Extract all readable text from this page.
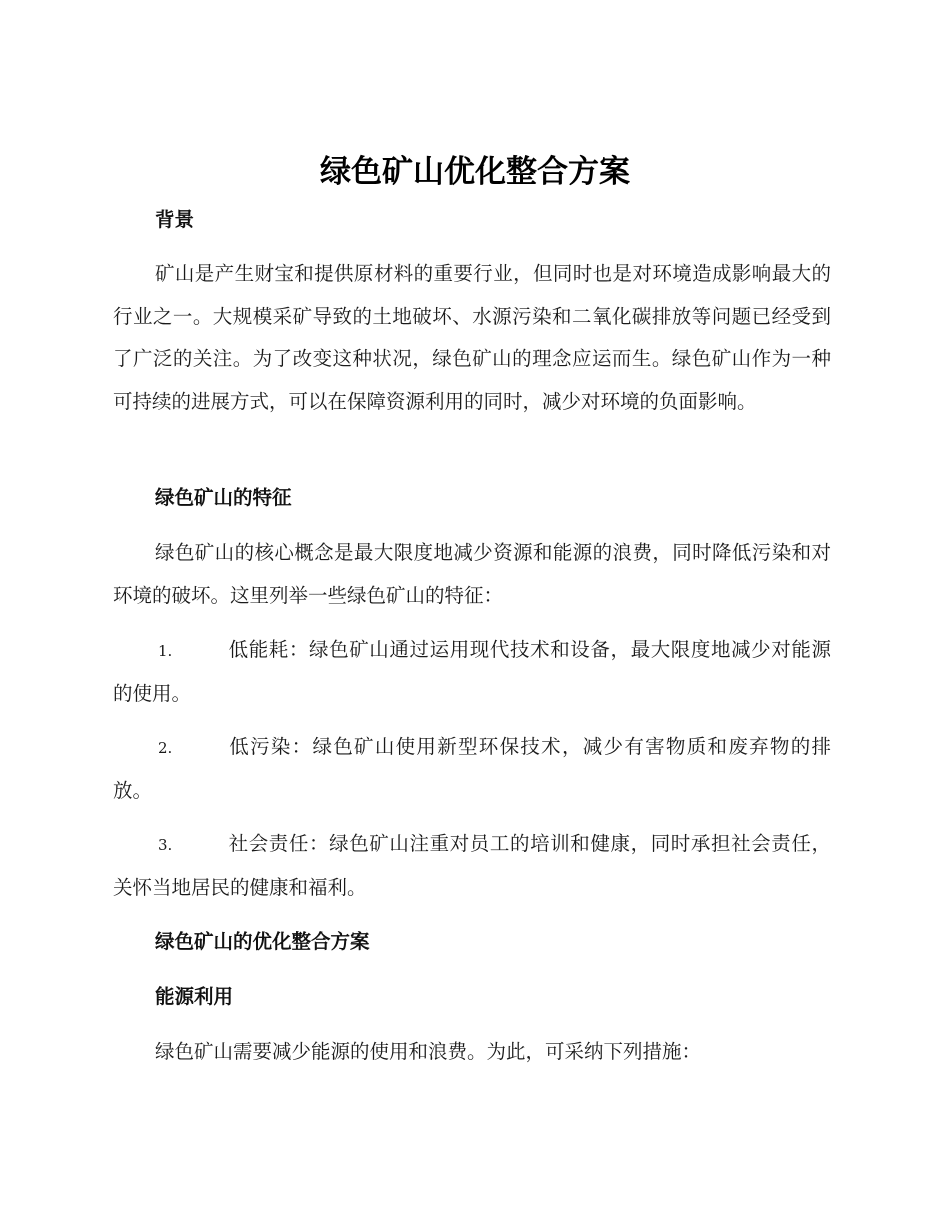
绿色矿山优化整合方案
背景

矿山是产生财宝和提供原材料的重要行业，但同时也是对环境造成影响最大的行业之一。大规模采矿导致的土地破坏、水源污染和二氧化碳排放等问题已经受到了广泛的关注。为了改变这种状况，绿色矿山的理念应运而生。绿色矿山作为一种可持续的进展方式，可以在保障资源利用的同时，减少对环境的负面影响。

绿色矿山的特征

绿色矿山的核心概念是最大限度地减少资源和能源的浪费，同时降低污染和对环境的破坏。这里列举一些绿色矿山的特征：

1.	低能耗：绿色矿山通过运用现代技术和设备，最大限度地减少对能源的使用。
2.	低污染：绿色矿山使用新型环保技术，减少有害物质和废弃物的排放。
3.	社会责任：绿色矿山注重对员工的培训和健康，同时承担社会责任，关怀当地居民的健康和福利。
绿色矿山的优化整合方案
能源利用

绿色矿山需要减少能源的使用和浪费。为此，可采纳下列措施：
